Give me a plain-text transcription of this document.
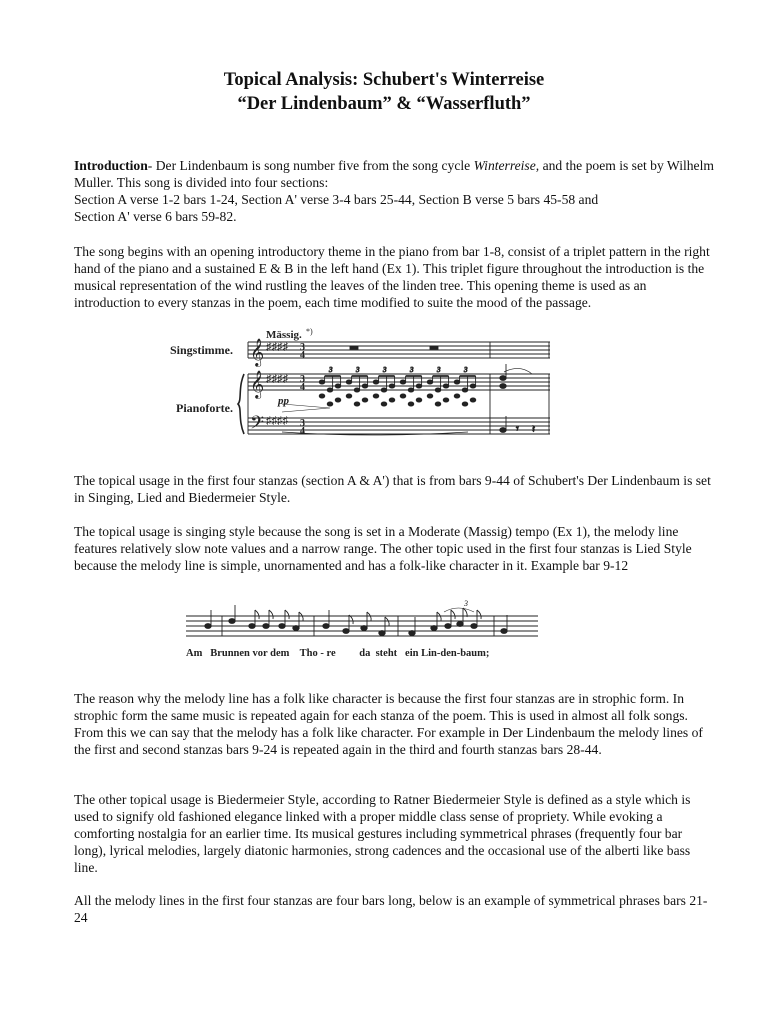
Topical Analysis: Schubert's Winterreise
“Der Lindenbaum” & “Wasserfluth”

Introduction- Der Lindenbaum is song number five from the song cycle Winterreise, and the poem is set by Wilhelm Muller. This song is divided into four sections:
Section A verse 1-2 bars 1-24, Section A' verse 3-4 bars 25-44, Section B verse 5 bars 45-58 and
Section A' verse 6 bars 59-82.

The song begins with an opening introductory theme in the piano from bar 1-8, consist of a triplet pattern in the right hand of the piano and a sustained E & B in the left hand (Ex 1). This triplet figure throughout the introduction is the musical representation of the wind rustling the leaves of the linden tree. This opening theme is used as an introduction to every stanzas in the poem, each time modified to suite the mood of the passage.

𝄞
𝄞
𝄢
♯♯♯♯
♯♯♯♯
♯♯♯♯
3
4
3
4
3
4
3	3	3	3	3	3
𝄾 𝄽
Singstimme.
Pianoforte.
Mässig. *)
pp

The topical usage in the first four stanzas (section A & A') that is from bars 9-44 of Schubert's Der Lindenbaum is set in Singing, Lied and Biedermeier Style.

The topical usage is singing style because the song is set in a Moderate (Massig) tempo (Ex 1), the melody line features relatively slow note values and a narrow range. The other topic used in the first four stanzas is Lied Style because the melody line is simple, unornamented and has a folk-like character in it. Example bar 9-12

3
Am   Brunnen vor dem    Tho - re         da  steht   ein Lin-den-baum;

The reason why the melody line has a folk like character is because the first four stanzas are in strophic form. In strophic form the same music is repeated again for each stanza of the poem. This is used in almost all folk songs. From this we can say that the melody has a folk like character. For example in Der Lindenbaum the melody lines of the first and second stanzas bars 9-24 is repeated again in the third and fourth stanzas bars 28-44.

The other topical usage is Biedermeier Style, according to Ratner Biedermeier Style is defined as a style which is used to signify old fashioned elegance linked with a proper middle class sense of propriety. While evoking a comforting nostalgia for an earlier time. Its musical gestures including symmetrical phrases (frequently four bar long), lyrical melodies, largely diatonic harmonies, strong cadences and the occasional use of the alberti like bass line.

All the melody lines in the first four stanzas are four bars long, below is an example of symmetrical phrases bars 21-24
